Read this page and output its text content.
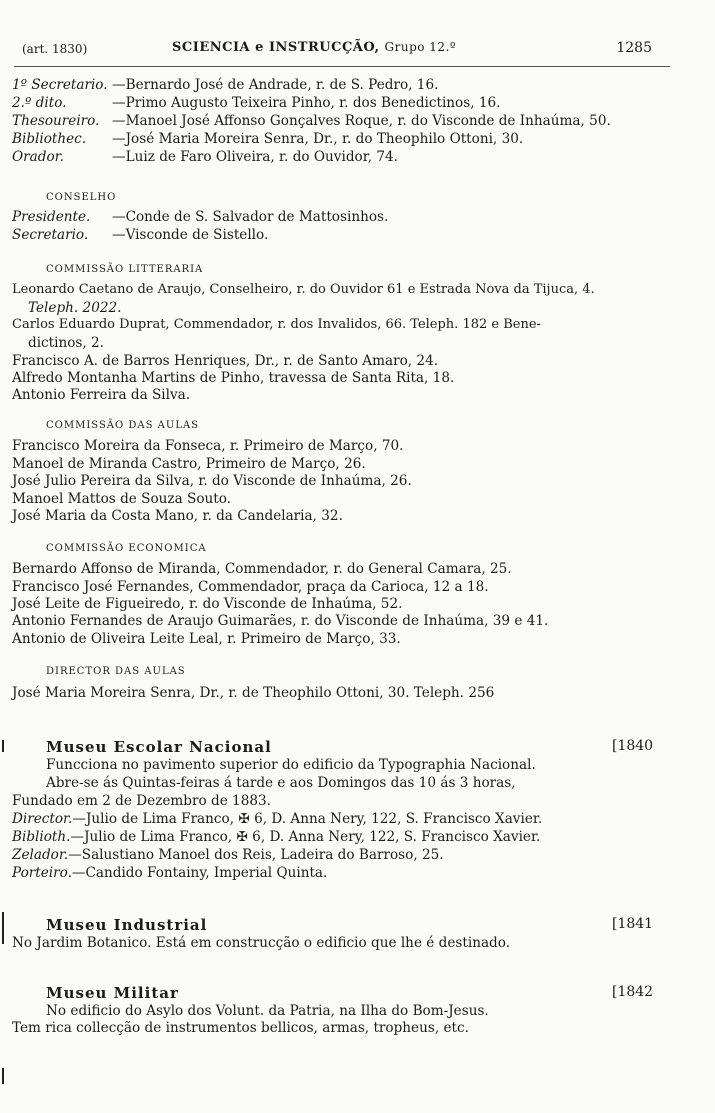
(art. 1830)	SCIENCIA e INSTRUCÇÃO, Grupo 12.º	1285
1º Secretario. —Bernardo José de Andrade, r. de S. Pedro, 16.
2.º dito.	—Primo Augusto Teixeira Pinho, r. dos Benedictinos, 16.
Thesoureiro. —Manoel José Affonso Gonçalves Roque, r. do Visconde de Inhaúma, 50.
Bibliothec. —José Maria Moreira Senra, Dr., r. do Theophilo Ottoni, 30.
Orador.	—Luiz de Faro Oliveira, r. do Ouvidor, 74.
CONSELHO
Presidente. —Conde de S. Salvador de Mattosinhos.
Secretario. —Visconde de Sistello.
COMMISSÃO LITTERARIA
Leonardo Caetano de Araujo, Conselheiro, r. do Ouvidor 61 e Estrada Nova da Tijuca, 4.
Teleph. 2022.
Carlos Eduardo Duprat, Commendador, r. dos Invalidos, 66. Teleph. 182 e Bene-
dictinos, 2.
Francisco A. de Barros Henriques, Dr., r. de Santo Amaro, 24.
Alfredo Montanha Martins de Pinho, travessa de Santa Rita, 18.
Antonio Ferreira da Silva.
COMMISSÃO DAS AULAS
Francisco Moreira da Fonseca, r. Primeiro de Março, 70.
Manoel de Miranda Castro, Primeiro de Março, 26.
José Julio Pereira da Silva, r. do Visconde de Inhaúma, 26.
Manoel Mattos de Souza Souto.
José Maria da Costa Mano, r. da Candelaria, 32.
COMMISSÃO ECONOMICA
Bernardo Affonso de Miranda, Commendador, r. do General Camara, 25.
Francisco José Fernandes, Commendador, praça da Carioca, 12 a 18.
José Leite de Figueiredo, r. do Visconde de Inhaúma, 52.
Antonio Fernandes de Araujo Guimarães, r. do Visconde de Inhaúma, 39 e 41.
Antonio de Oliveira Leite Leal, r. Primeiro de Março, 33.
DIRECTOR DAS AULAS
José Maria Moreira Senra, Dr., r. de Theophilo Ottoni, 30. Teleph. 256
Museu Escolar Nacional	[1840
Funcciona no pavimento superior do edificio da Typographia Nacional.
Abre-se ás Quintas-feiras á tarde e aos Domingos das 10 ás 3 horas,
Fundado em 2 de Dezembro de 1883.
Director.—Julio de Lima Franco, ✠ 6, D. Anna Nery, 122, S. Francisco Xavier.
Biblioth.—Julio de Lima Franco, ✠ 6, D. Anna Nery, 122, S. Francisco Xavier.
Zelador.—Salustiano Manoel dos Reis, Ladeira do Barroso, 25.
Porteiro.—Candido Fontainy, Imperial Quinta.
Museu Industrial	[1841
No Jardim Botanico. Está em construcção o edificio que lhe é destinado.
Museu Militar	[1842
No edificio do Asylo dos Volunt. da Patria, na Ilha do Bom-Jesus.
Tem rica collecção de instrumentos bellicos, armas, tropheus, etc.
